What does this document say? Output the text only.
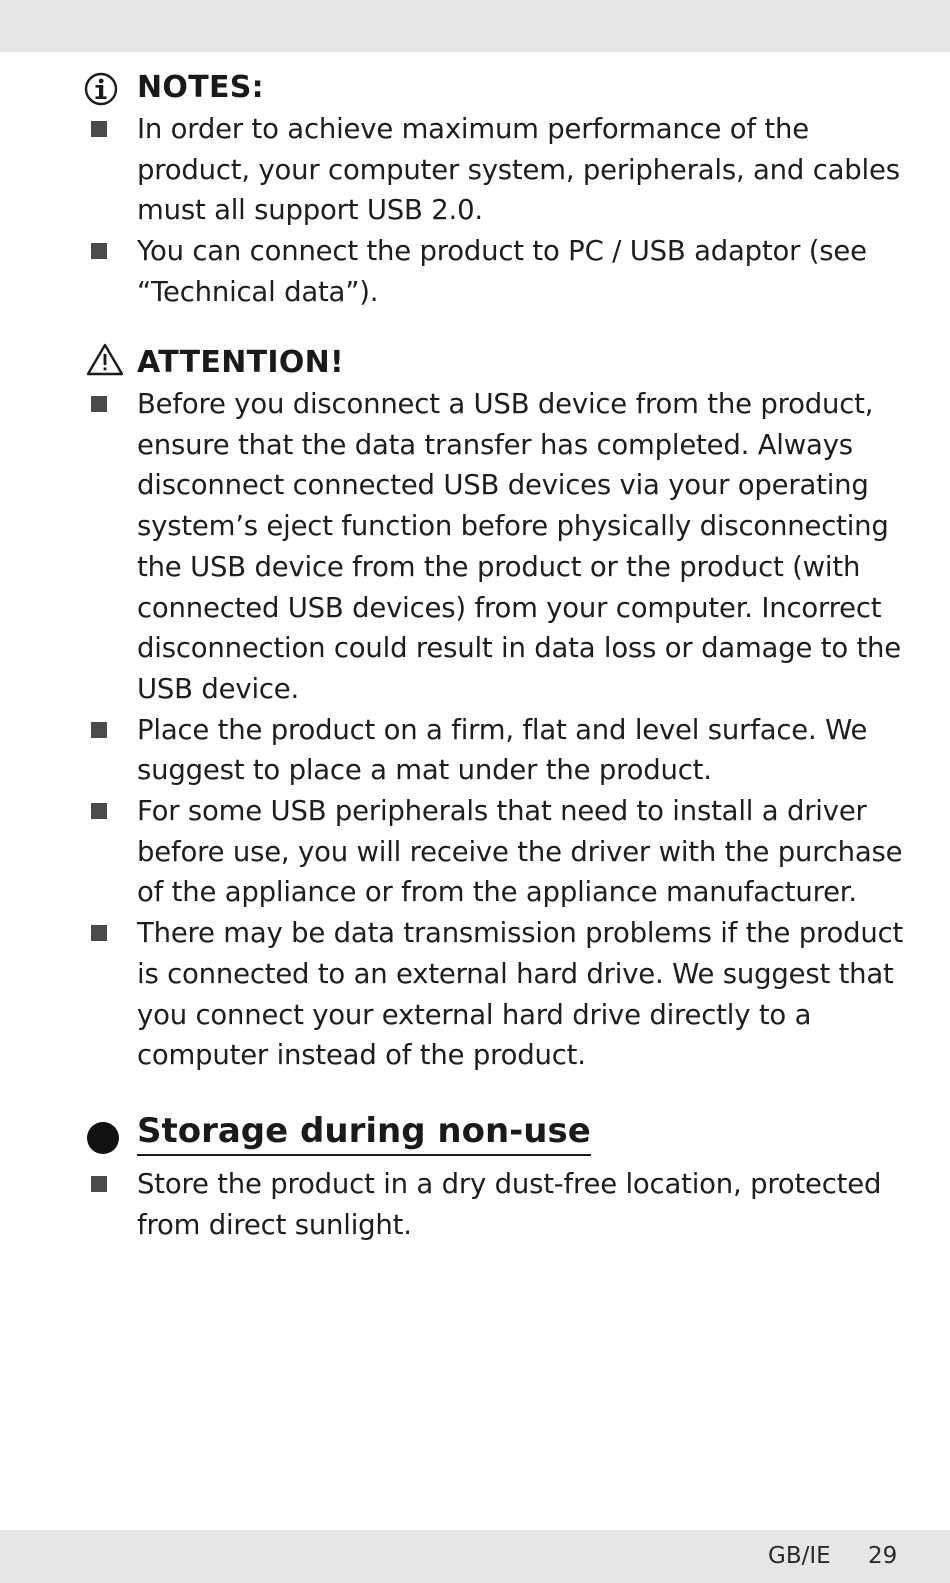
NOTES:
In order to achieve maximum performance of the product, your computer system, peripherals, and cables must all support USB 2.0.
You can connect the product to PC / USB adaptor (see “Technical data”).
ATTENTION!
Before you disconnect a USB device from the product, ensure that the data transfer has completed. Always disconnect connected USB devices via your operating system’s eject function before physically disconnecting the USB device from the product or the product (with connected USB devices) from your computer. Incorrect disconnection could result in data loss or damage to the USB device.
Place the product on a firm, flat and level surface. We suggest to place a mat under the product.
For some USB peripherals that need to install a driver before use, you will receive the driver with the purchase of the appliance or from the appliance manufacturer.
There may be data transmission problems if the product is connected to an external hard drive. We suggest that you connect your external hard drive directly to a computer instead of the product.
Storage during non-use
Store the product in a dry dust-free location, protected from direct sunlight.
GB/IE 29
